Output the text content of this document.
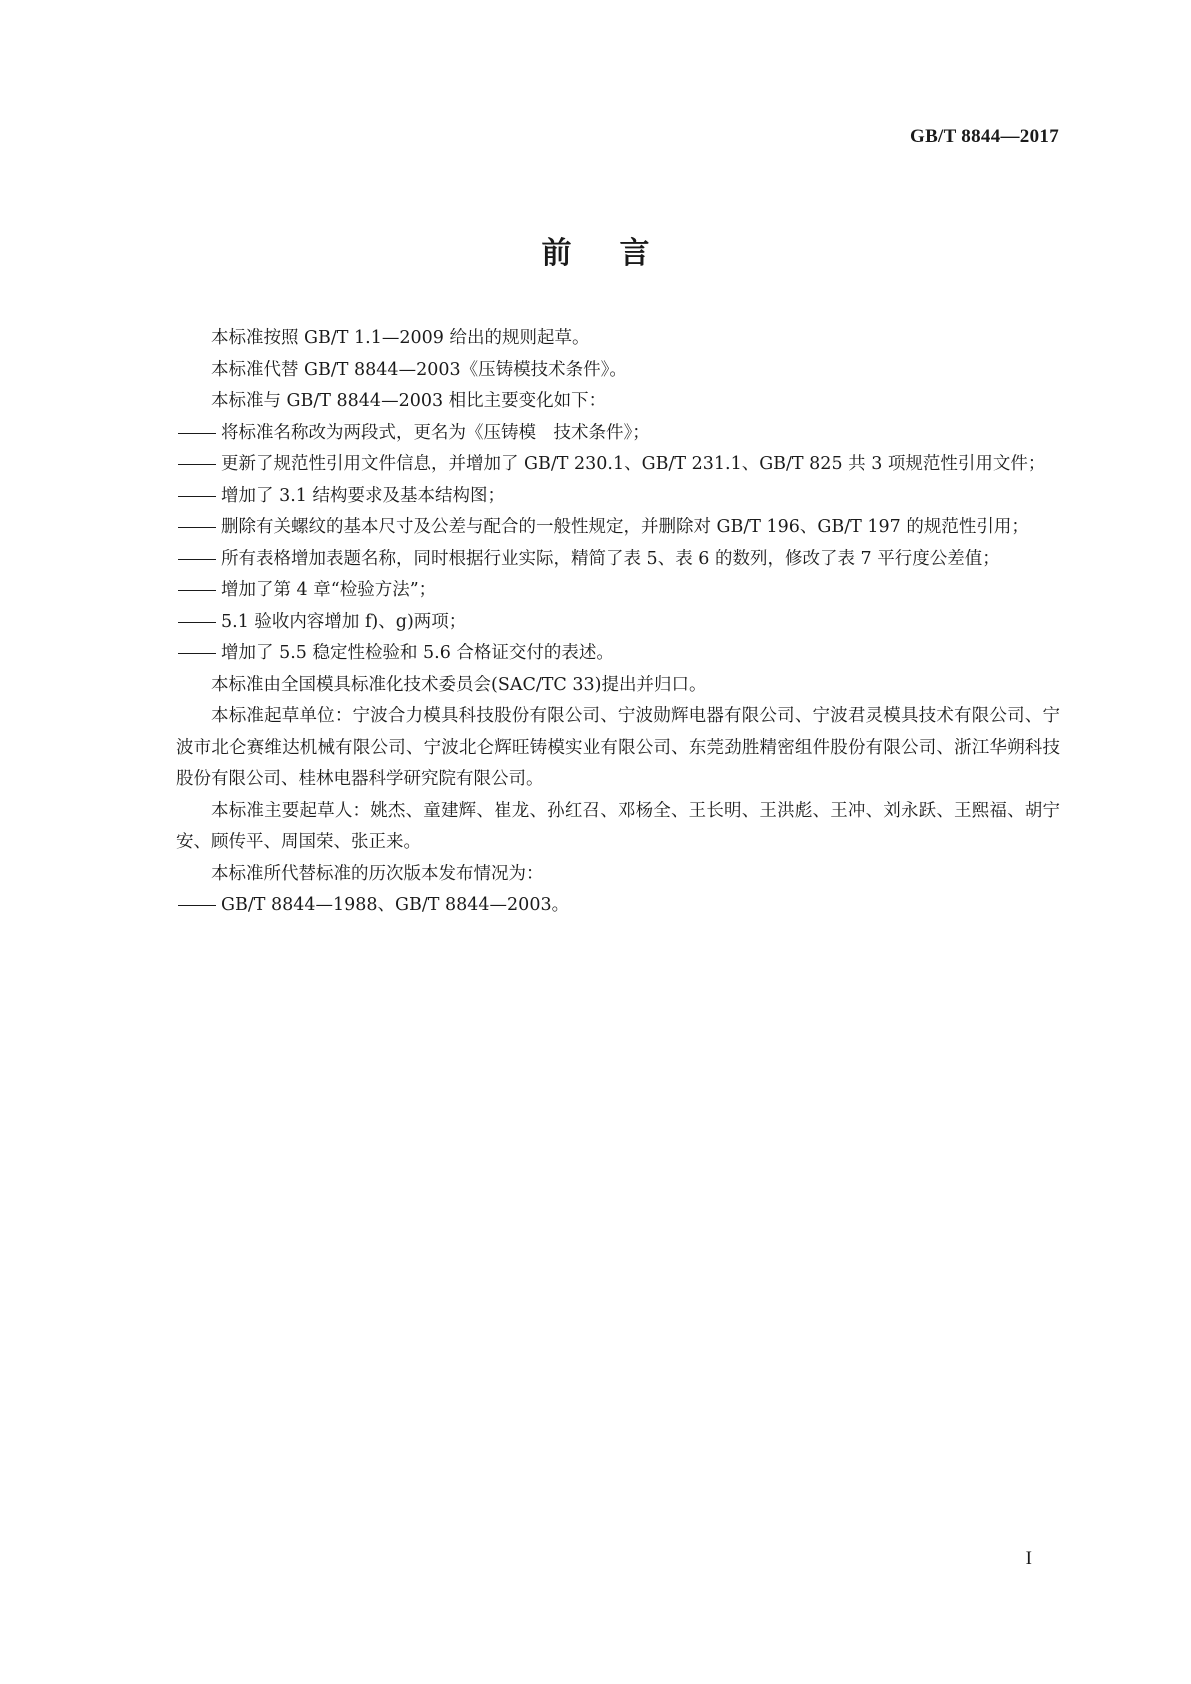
GB/T 8844—2017
前言

本标准按照 GB/T 1.1—2009 给出的规则起草。

本标准代替 GB/T 8844—2003《压铸模技术条件》。

本标准与 GB/T 8844—2003 相比主要变化如下：

将标准名称改为两段式，更名为《压铸模　技术条件》；

更新了规范性引用文件信息，并增加了 GB/T 230.1、GB/T 231.1、GB/T 825 共 3 项规范性引用文件；

增加了 3.1 结构要求及基本结构图；

删除有关螺纹的基本尺寸及公差与配合的一般性规定，并删除对 GB/T 196、GB/T 197 的规范性引用；

所有表格增加表题名称，同时根据行业实际，精简了表 5、表 6 的数列，修改了表 7 平行度公差值；

增加了第 4 章“检验方法”；

5.1 验收内容增加 f)、g)两项；

增加了 5.5 稳定性检验和 5.6 合格证交付的表述。

本标准由全国模具标准化技术委员会(SAC/TC 33)提出并归口。

本标准起草单位：宁波合力模具科技股份有限公司、宁波勋辉电器有限公司、宁波君灵模具技术有限公司、宁波市北仑赛维达机械有限公司、宁波北仑辉旺铸模实业有限公司、东莞劲胜精密组件股份有限公司、浙江华朔科技股份有限公司、桂林电器科学研究院有限公司。

本标准主要起草人：姚杰、童建辉、崔龙、孙红召、邓杨全、王长明、王洪彪、王冲、刘永跃、王熙福、胡宁安、顾传平、周国荣、张正来。

本标准所代替标准的历次版本发布情况为：

GB/T 8844—1988、GB/T 8844—2003。

I
